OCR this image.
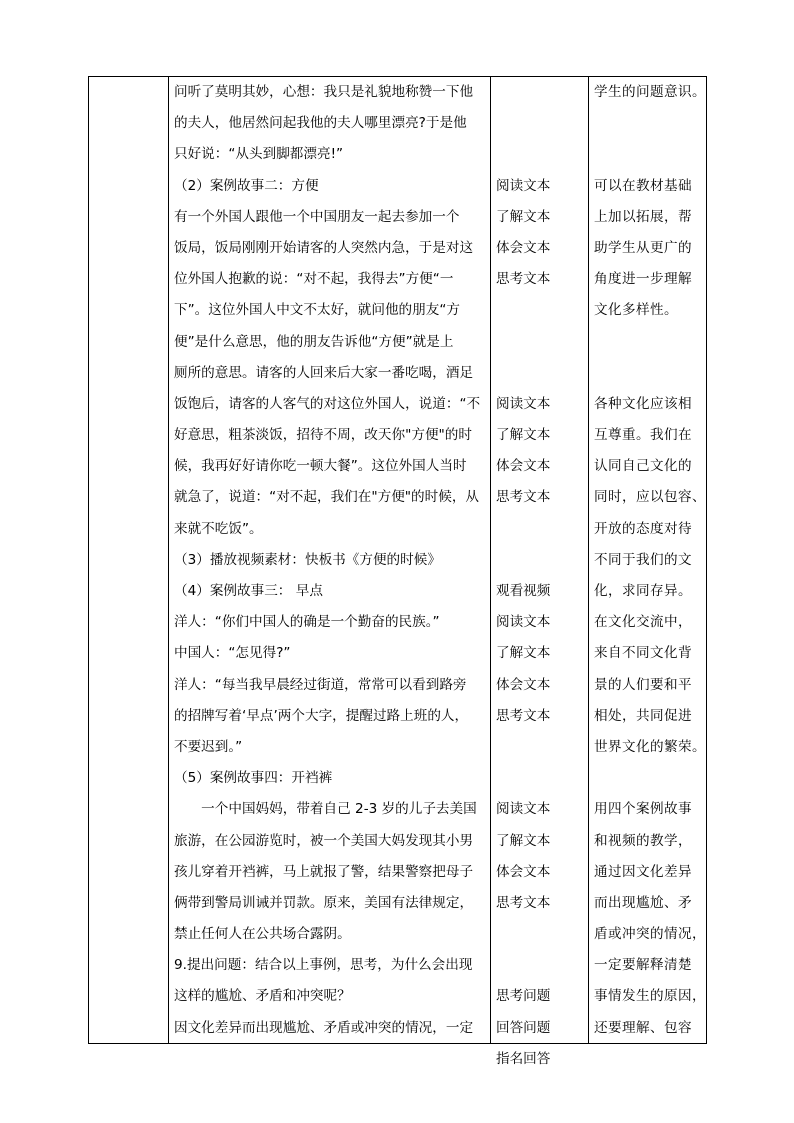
问听了莫明其妙，心想：我只是礼貌地称赞一下他
的夫人，他居然问起我他的夫人哪里漂亮?于是他
只好说：“从头到脚都漂亮!”
（2）案例故事二：方便
有一个外国人跟他一个中国朋友一起去参加一个
饭局，饭局刚刚开始请客的人突然内急，于是对这
位外国人抱歉的说：“对不起，我得去”方便“一
下”。这位外国人中文不太好，就问他的朋友“方
便”是什么意思，他的朋友告诉他“方便”就是上
厕所的意思。请客的人回来后大家一番吃喝，酒足
饭饱后，请客的人客气的对这位外国人，说道：“不
好意思，粗茶淡饭，招待不周，改天你"方便"的时
候，我再好好请你吃一顿大餐”。这位外国人当时
就急了，说道：“对不起，我们在"方便"的时候，从
来就不吃饭”。
（3）播放视频素材：快板书《方便的时候》
（4）案例故事三： 早点
洋人：“你们中国人的确是一个勤奋的民族。”
中国人：“怎见得?”
洋人：“每当我早晨经过街道，常常可以看到路旁
的招牌写着‘早点’两个大字，提醒过路上班的人，
不要迟到。”
（5）案例故事四：开裆裤
　　一个中国妈妈，带着自己 2-3 岁的儿子去美国
旅游，在公园游览时，被一个美国大妈发现其小男
孩儿穿着开裆裤，马上就报了警，结果警察把母子
俩带到警局训诫并罚款。原来，美国有法律规定，
禁止任何人在公共场合露阴。
9.提出问题：结合以上事例，思考，为什么会出现
这样的尴尬、矛盾和冲突呢？
因文化差异而出现尴尬、矛盾或冲突的情况，一定
阅读文本
了解文本
体会文本
思考文本
阅读文本
了解文本
体会文本
思考文本
观看视频
阅读文本
了解文本
体会文本
思考文本
阅读文本
了解文本
体会文本
思考文本
思考问题
回答问题
指名回答
学生的问题意识。
可以在教材基础
上加以拓展，帮
助学生从更广的
角度进一步理解
文化多样性。
各种文化应该相
互尊重。我们在
认同自己文化的
同时，应以包容、
开放的态度对待
不同于我们的文
化，求同存异。
在文化交流中，
来自不同文化背
景的人们要和平
相处，共同促进
世界文化的繁荣。
用四个案例故事
和视频的教学，
通过因文化差异
而出现尴尬、矛
盾或冲突的情况，
一定要解释清楚
事情发生的原因，
还要理解、包容
